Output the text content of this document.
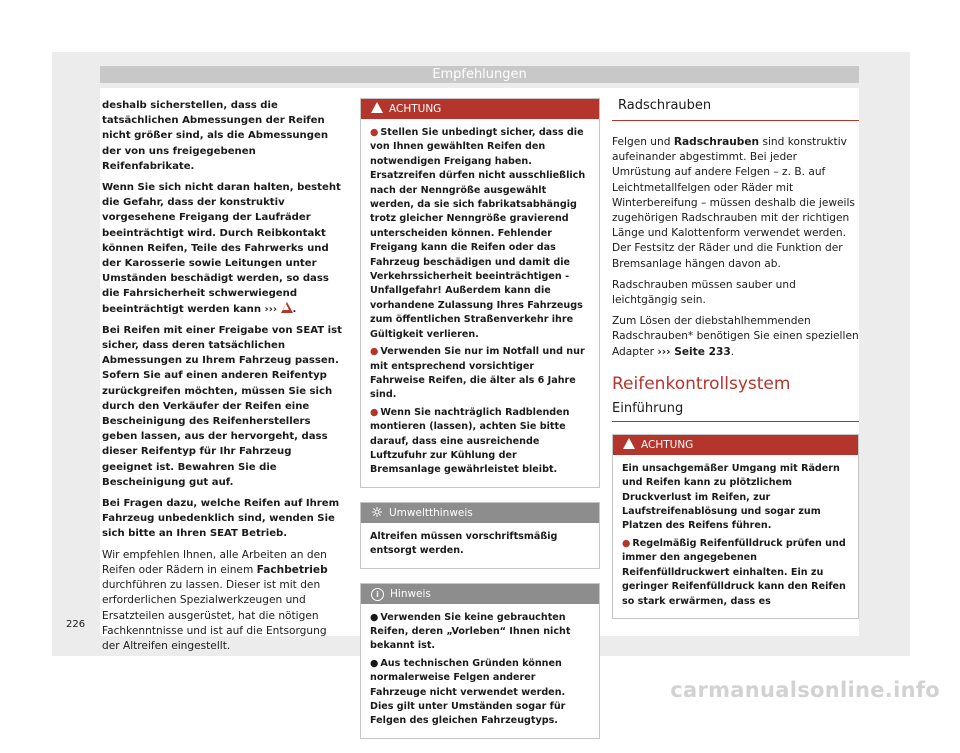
Empfehlungen

deshalb sicherstellen, dass die tatsächlichen Abmessungen der Reifen nicht größer sind, als die Abmessungen der von uns freigegebenen Reifenfabrikate.

Wenn Sie sich nicht daran halten, besteht die Gefahr, dass der konstruktiv vorgesehene Freigang der Laufräder beeinträchtigt wird. Durch Reibkontakt können Reifen, Teile des Fahrwerks und der Karosserie sowie Leitungen unter Umständen beschädigt werden, so dass die Fahrsicherheit schwerwiegend beeinträchtigt werden kann ››› .

Bei Reifen mit einer Freigabe von SEAT ist sicher, dass deren tatsächlichen Abmessungen zu Ihrem Fahrzeug passen. Sofern Sie auf einen anderen Reifentyp zurückgreifen möchten, müssen Sie sich durch den Verkäufer der Reifen eine Bescheinigung des Reifenherstellers geben lassen, aus der hervorgeht, dass dieser Reifentyp für Ihr Fahrzeug geeignet ist. Bewahren Sie die Bescheinigung gut auf.

Bei Fragen dazu, welche Reifen auf Ihrem Fahrzeug unbedenklich sind, wenden Sie sich bitte an Ihren SEAT Betrieb.

Wir empfehlen Ihnen, alle Arbeiten an den Reifen oder Rädern in einem Fachbetrieb durchführen zu lassen. Dieser ist mit den erforderlichen Spezialwerkzeugen und Ersatzteilen ausgerüstet, hat die nötigen Fachkenntnisse und ist auf die Entsorgung der Altreifen eingestellt.

ACHTUNG

● Stellen Sie unbedingt sicher, dass die von Ihnen gewählten Reifen den notwendigen Freigang haben. Ersatzreifen dürfen nicht ausschließlich nach der Nenngröße ausgewählt werden, da sie sich fabrikatsabhängig trotz gleicher Nenngröße gravierend unterscheiden können. Fehlender Freigang kann die Reifen oder das Fahrzeug beschädigen und damit die Verkehrssicherheit beeinträchtigen - Unfallgefahr! Außerdem kann die vorhandene Zulassung Ihres Fahrzeugs zum öffentlichen Straßenverkehr ihre Gültigkeit verlieren.

● Verwenden Sie nur im Notfall und nur mit entsprechend vorsichtiger Fahrweise Reifen, die älter als 6 Jahre sind.

● Wenn Sie nachträglich Radblenden montieren (lassen), achten Sie bitte darauf, dass eine ausreichende Luftzufuhr zur Kühlung der Bremsanlage gewährleistet bleibt.

Umweltthinweis

Altreifen müssen vorschriftsmäßig entsorgt werden.

i Hinweis

● Verwenden Sie keine gebrauchten Reifen, deren „Vorleben“ Ihnen nicht bekannt ist.

● Aus technischen Gründen können normalerweise Felgen anderer Fahrzeuge nicht verwendet werden. Dies gilt unter Umständen sogar für Felgen des gleichen Fahrzeugtyps.

Radschrauben

Felgen und Radschrauben sind konstruktiv aufeinander abgestimmt. Bei jeder Umrüstung auf andere Felgen – z. B. auf Leichtmetallfelgen oder Räder mit Winterbereifung – müssen deshalb die jeweils zugehörigen Radschrauben mit der richtigen Länge und Kalottenform verwendet werden. Der Festsitz der Räder und die Funktion der Bremsanlage hängen davon ab.

Radschrauben müssen sauber und leichtgängig sein.

Zum Lösen der diebstahlhemmenden Radschrauben* benötigen Sie einen speziellen Adapter ››› Seite 233.

Reifenkontrollsystem
Einführung
ACHTUNG

Ein unsachgemäßer Umgang mit Rädern und Reifen kann zu plötzlichem Druckverlust im Reifen, zur Laufstreifenablösung und sogar zum Platzen des Reifens führen.

● Regelmäßig Reifenfülldruck prüfen und immer den angegebenen Reifenfülldruckwert einhalten. Ein zu geringer Reifenfülldruck kann den Reifen so stark erwärmen, dass es

226
carmanualsonline.info
